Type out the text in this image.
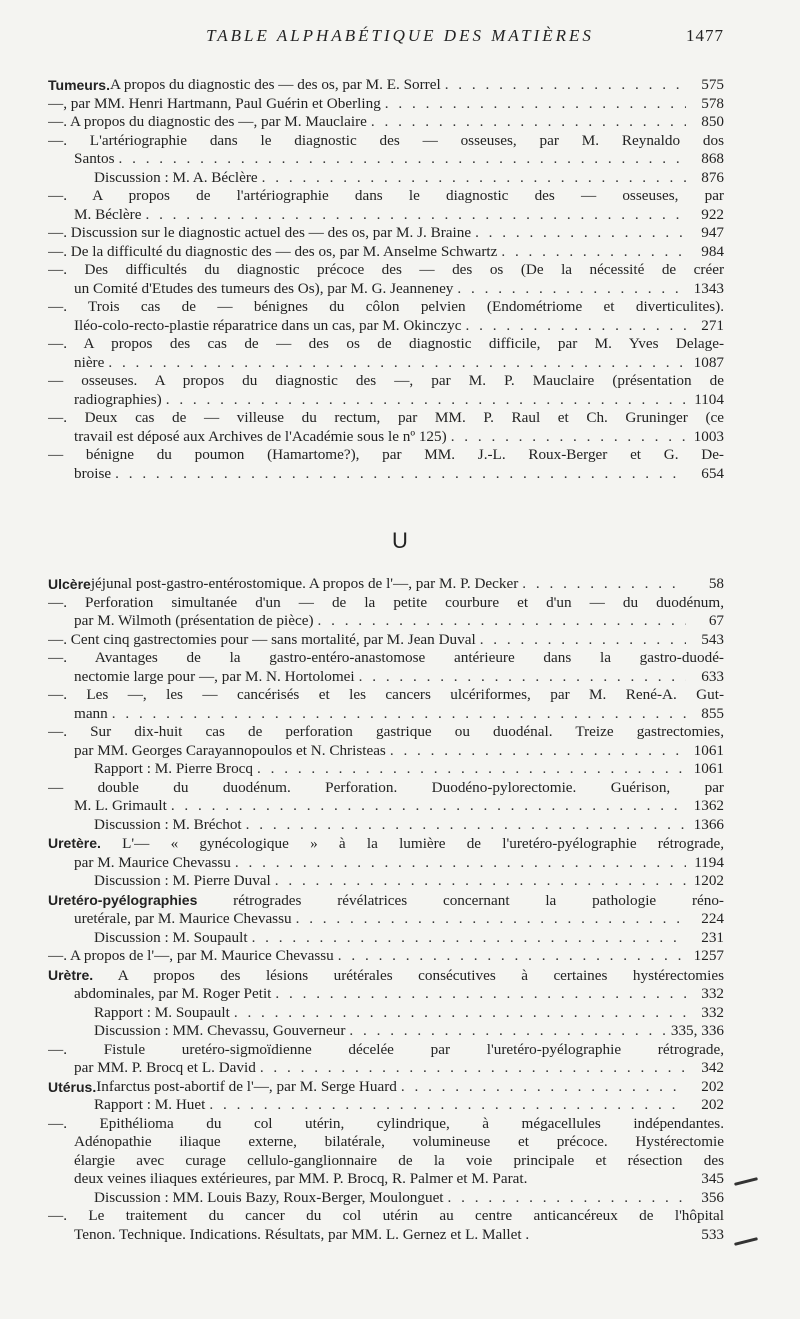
TABLE ALPHABÉTIQUE DES MATIÈRES	1477
Tumeurs. A propos du diagnostic des — des os, par M. E. Sorrel . . .	575
—, par MM. Henri Hartmann, Paul Guérin et Oberling . . .	578
—. A propos du diagnostic des —, par M. Mauclaire . . .	850
—. L'artériographie dans le diagnostic des — osseuses, par M. Reynaldo dos
Santos . . .	868
Discussion : M. A. Béclère . . .	876
—. A propos de l'artériographie dans le diagnostic des — osseuses, par
M. Béclère . . .	922
—. Discussion sur le diagnostic actuel des — des os, par M. J. Braine . . .	947
—. De la difficulté du diagnostic des — des os, par M. Anselme Schwartz . . .	984
—. Des difficultés du diagnostic précoce des — des os (De la nécessité de créer
un Comité d'Etudes des tumeurs des Os), par M. G. Jeanneney . . .	1343
—. Trois cas de — bénignes du côlon pelvien (Endométriome et diverticulites).
Iléo-colo-recto-plastie réparatrice dans un cas, par M. Okinczyc . . .	271
—. A propos des cas de — des os de diagnostic difficile, par M. Yves Delage-
nière . . .	1087
— osseuses. A propos du diagnostic des —, par M. P. Mauclaire (présentation de
radiographies) . . .	1104
—. Deux cas de — villeuse du rectum, par MM. P. Raul et Ch. Gruninger (ce
travail est déposé aux Archives de l'Académie sous le nº 125) . . .	1003
— bénigne du poumon (Hamartome?), par MM. J.-L. Roux-Berger et G. De-
broise . . .	654
U
Ulcère jéjunal post-gastro-entérostomique. A propos de l'—, par M. P. Decker . . .	58
—. Perforation simultanée d'un — de la petite courbure et d'un — du duodénum,
par M. Wilmoth (présentation de pièce) . . .	67
—. Cent cinq gastrectomies pour — sans mortalité, par M. Jean Duval . . .	543
—. Avantages de la gastro-entéro-anastomose antérieure dans la gastro-duodé-
nectomie large pour —, par M. N. Hortolomei . . .	633
—. Les —, les — cancérisés et les cancers ulcériformes, par M. René-A. Gut-
mann . . .	855
—. Sur dix-huit cas de perforation gastrique ou duodénal. Treize gastrectomies,
par MM. Georges Carayannopoulos et N. Christeas . . .	1061
Rapport : M. Pierre Brocq . . .	1061
— double du duodénum. Perforation. Duodéno-pylorectomie. Guérison, par
M. L. Grimault . . .	1362
Discussion : M. Bréchot . . .	1366
Uretère. L'— « gynécologique » à la lumière de l'uretéro-pyélographie rétrograde,
par M. Maurice Chevassu . . .	1194
Discussion : M. Pierre Duval . . .	1202
Uretéro-pyélographies rétrogrades révélatrices concernant la pathologie réno-
uretérale, par M. Maurice Chevassu . . .	224
Discussion : M. Soupault . . .	231
—. A propos de l'—, par M. Maurice Chevassu . . .	1257
Urètre. A propos des lésions urétérales consécutives à certaines hystérectomies
abdominales, par M. Roger Petit . . .	332
Rapport : M. Soupault . . .	332
Discussion : MM. Chevassu, Gouverneur . . .	335, 336
—. Fistule uretéro-sigmoïdienne décelée par l'uretéro-pyélographie rétrograde,
par MM. P. Brocq et L. David . . .	342
Utérus. Infarctus post-abortif de l'—, par M. Serge Huard . . .	202
Rapport : M. Huet . . .	202
—. Epithélioma du col utérin, cylindrique, à mégacellules indépendantes.
Adénopathie iliaque externe, bilatérale, volumineuse et précoce. Hystérectomie
élargie avec curage cellulo-ganglionnaire de la voie principale et résection des
deux veines iliaques extérieures, par MM. P. Brocq, R. Palmer et M. Parat.	345
Discussion : MM. Louis Bazy, Roux-Berger, Moulonguet . . .	356
—. Le traitement du cancer du col utérin au centre anticancéreux de l'hôpital
Tenon. Technique. Indications. Résultats, par MM. L. Gernez et L. Mallet .	533
